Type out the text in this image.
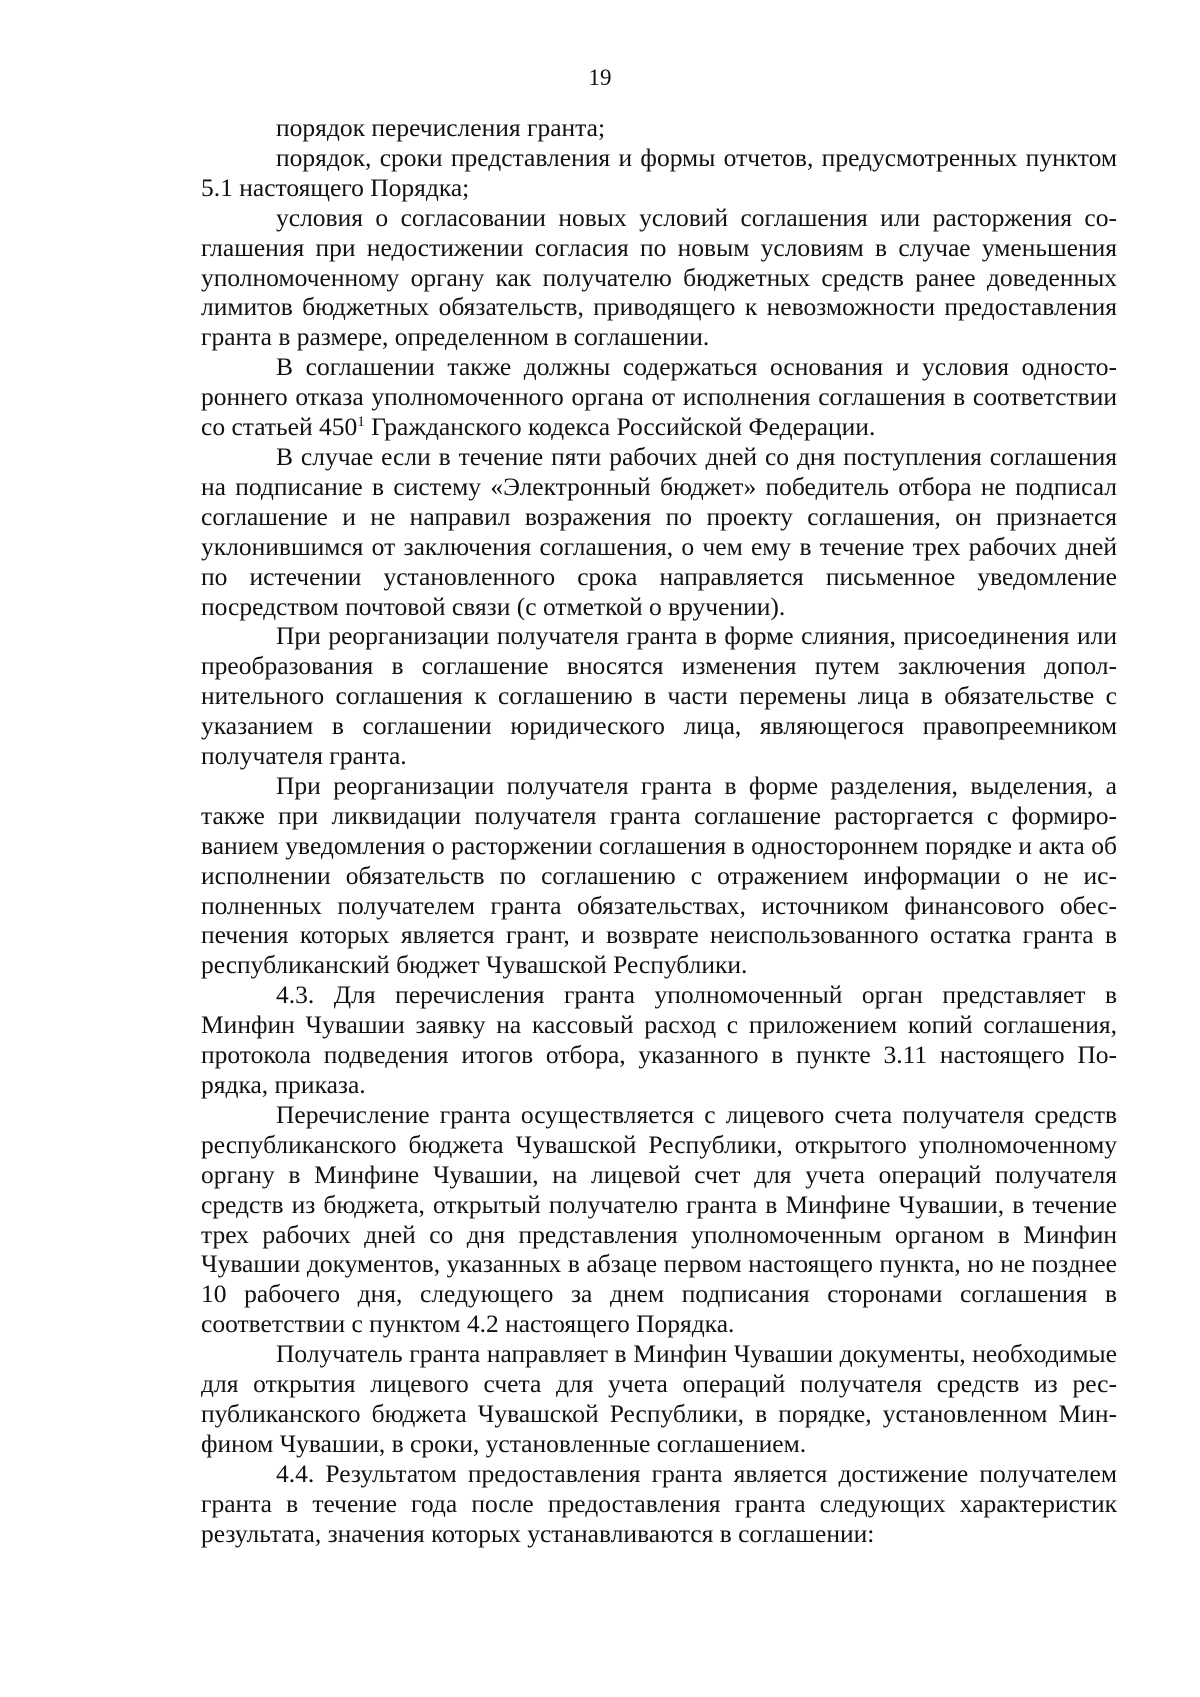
19

порядок перечисления гранта;

порядок, сроки представления и формы отчетов, предусмотренных пунктом 5.1 настоящего Порядка;

условия о согласовании новых условий соглашения или расторжения соглашения при недостижении согласия по новым условиям в случае уменьшения уполномоченному органу как получателю бюджетных средств ранее доведенных лимитов бюджетных обязательств, приводящего к невозможности предоставления гранта в размере, определенном в соглашении.

В соглашении также должны содержаться основания и условия одностороннего отказа уполномоченного органа от исполнения соглашения в соответствии со статьей $450^1$ Гражданского кодекса Российской Федерации.

В случае если в течение пяти рабочих дней со дня поступления соглашения на подписание в систему «Электронный бюджет» победитель отбора не подписал соглашение и не направил возражения по проекту соглашения, он признается уклонившимся от заключения соглашения, о чем ему в течение трех рабочих дней по истечении установленного срока направляется письменное уведомление посредством почтовой связи (с отметкой о вручении).

При реорганизации получателя гранта в форме слияния, присоединения или преобразования в соглашение вносятся изменения путем заключения дополнительного соглашения к соглашению в части перемены лица в обязательстве с указанием в соглашении юридического лица, являющегося правопреемником получателя гранта.

При реорганизации получателя гранта в форме разделения, выделения, а также при ликвидации получателя гранта соглашение расторгается с формированием уведомления о расторжении соглашения в одностороннем порядке и акта об исполнении обязательств по соглашению с отражением информации о не исполненных получателем гранта обязательствах, источником финансового обеспечения которых является грант, и возврате неиспользованного остатка гранта в республиканский бюджет Чувашской Республики.

4.3. Для перечисления гранта уполномоченный орган представляет в Минфин Чувашии заявку на кассовый расход с приложением копий соглашения, протокола подведения итогов отбора, указанного в пункте 3.11 настоящего Порядка, приказа.

Перечисление гранта осуществляется с лицевого счета получателя средств республиканского бюджета Чувашской Республики, открытого уполномоченному органу в Минфине Чувашии, на лицевой счет для учета операций получателя средств из бюджета, открытый получателю гранта в Минфине Чувашии, в течение трех рабочих дней со дня представления уполномоченным органом в Минфин Чувашии документов, указанных в абзаце первом настоящего пункта, но не позднее 10 рабочего дня, следующего за днем подписания сторонами соглашения в соответствии с пунктом 4.2 настоящего Порядка.

Получатель гранта направляет в Минфин Чувашии документы, необходимые для открытия лицевого счета для учета операций получателя средств из республиканского бюджета Чувашской Республики, в порядке, установленном Минфином Чувашии, в сроки, установленные соглашением.

4.4. Результатом предоставления гранта является достижение получателем гранта в течение года после предоставления гранта следующих характеристик результата, значения которых устанавливаются в соглашении:
